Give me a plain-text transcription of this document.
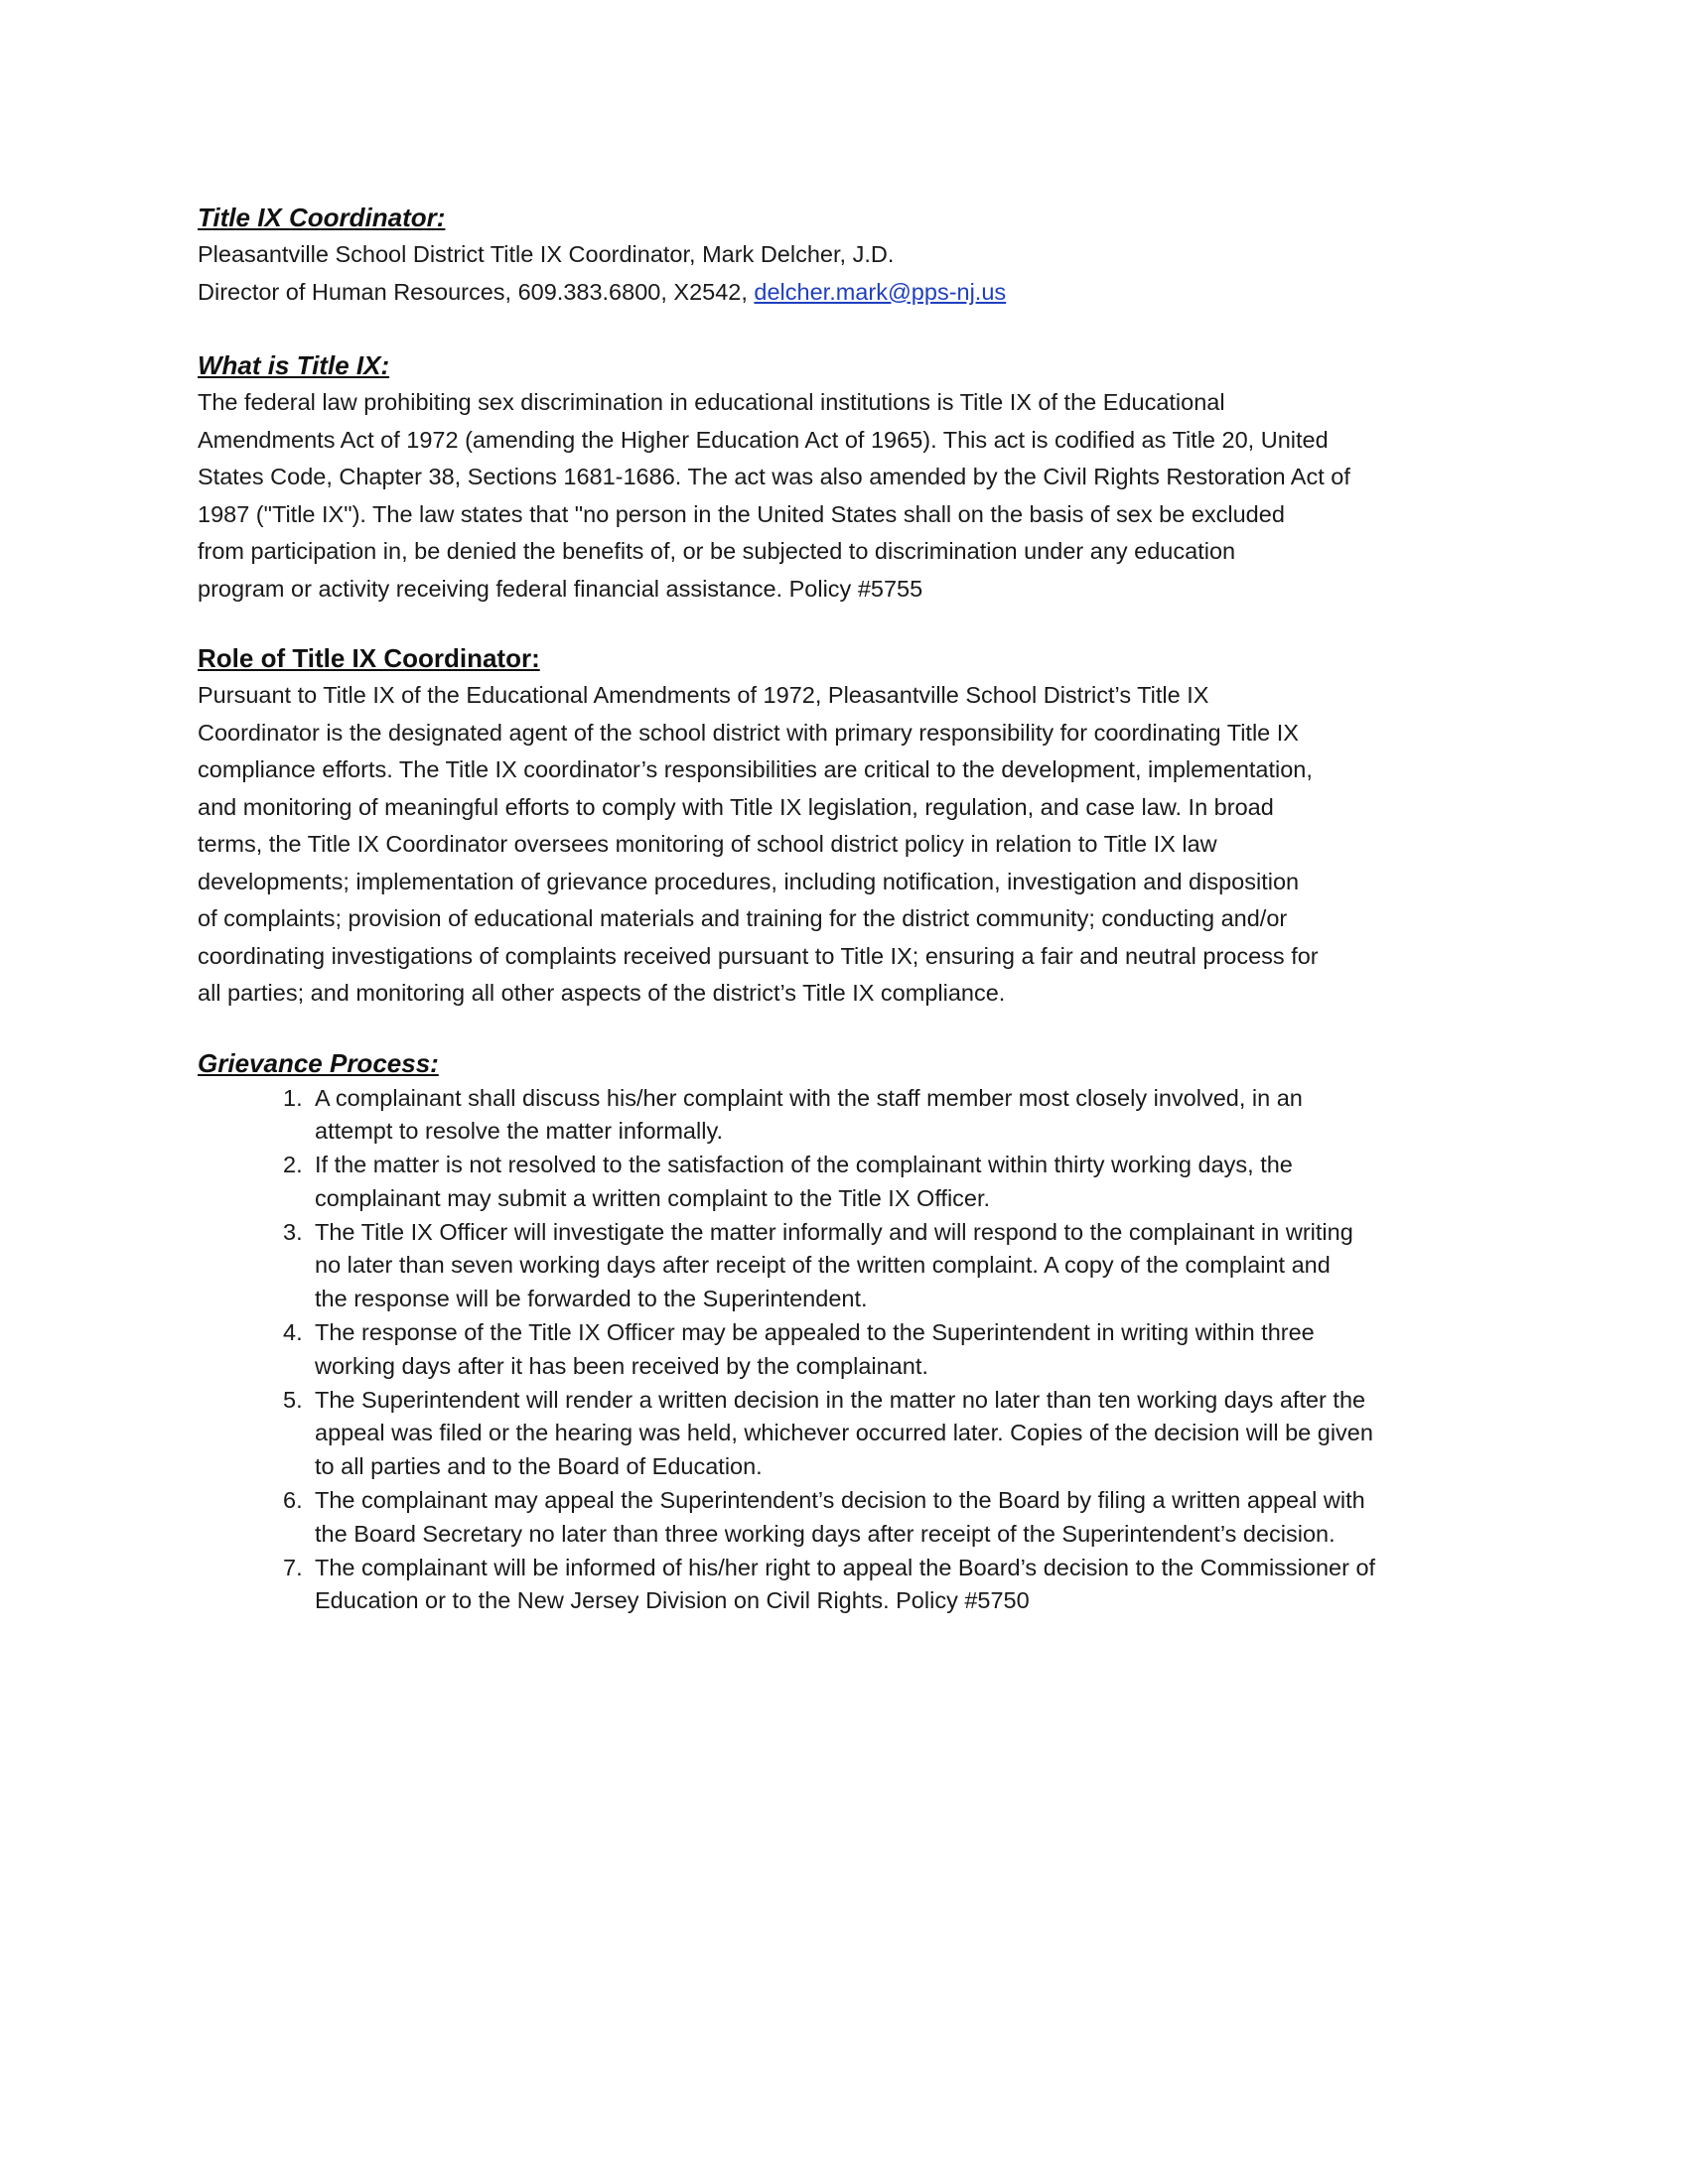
Title IX Coordinator:

Pleasantville School District Title IX Coordinator, Mark Delcher, J.D.

Director of Human Resources, 609.383.6800, X2542, delcher.mark@pps-nj.us

What is Title IX:

The federal law prohibiting sex discrimination in educational institutions is Title IX of the Educational

Amendments Act of 1972 (amending the Higher Education Act of 1965). This act is codified as Title 20, United

States Code, Chapter 38, Sections 1681-1686. The act was also amended by the Civil Rights Restoration Act of

1987 ("Title IX"). The law states that "no person in the United States shall on the basis of sex be excluded

from participation in, be denied the benefits of, or be subjected to discrimination under any education

program or activity receiving federal financial assistance. Policy #5755

Role of Title IX Coordinator:

Pursuant to Title IX of the Educational Amendments of 1972, Pleasantville School District’s Title IX

Coordinator is the designated agent of the school district with primary responsibility for coordinating Title IX

compliance efforts. The Title IX coordinator’s responsibilities are critical to the development, implementation,

and monitoring of meaningful efforts to comply with Title IX legislation, regulation, and case law. In broad

terms, the Title IX Coordinator oversees monitoring of school district policy in relation to Title IX law

developments; implementation of grievance procedures, including notification, investigation and disposition

of complaints; provision of educational materials and training for the district community; conducting and/or

coordinating investigations of complaints received pursuant to Title IX; ensuring a fair and neutral process for

all parties; and monitoring all other aspects of the district’s Title IX compliance.

Grievance Process:

1. A complainant shall discuss his/her complaint with the staff member most closely involved, in an
attempt to resolve the matter informally.
2. If the matter is not resolved to the satisfaction of the complainant within thirty working days, the
complainant may submit a written complaint to the Title IX Officer.
3. The Title IX Officer will investigate the matter informally and will respond to the complainant in writing
no later than seven working days after receipt of the written complaint. A copy of the complaint and
the response will be forwarded to the Superintendent.
4. The response of the Title IX Officer may be appealed to the Superintendent in writing within three
working days after it has been received by the complainant.
5. The Superintendent will render a written decision in the matter no later than ten working days after the
appeal was filed or the hearing was held, whichever occurred later. Copies of the decision will be given
to all parties and to the Board of Education.
6. The complainant may appeal the Superintendent’s decision to the Board by filing a written appeal with
the Board Secretary no later than three working days after receipt of the Superintendent’s decision.
7. The complainant will be informed of his/her right to appeal the Board’s decision to the Commissioner of
Education or to the New Jersey Division on Civil Rights. Policy #5750
